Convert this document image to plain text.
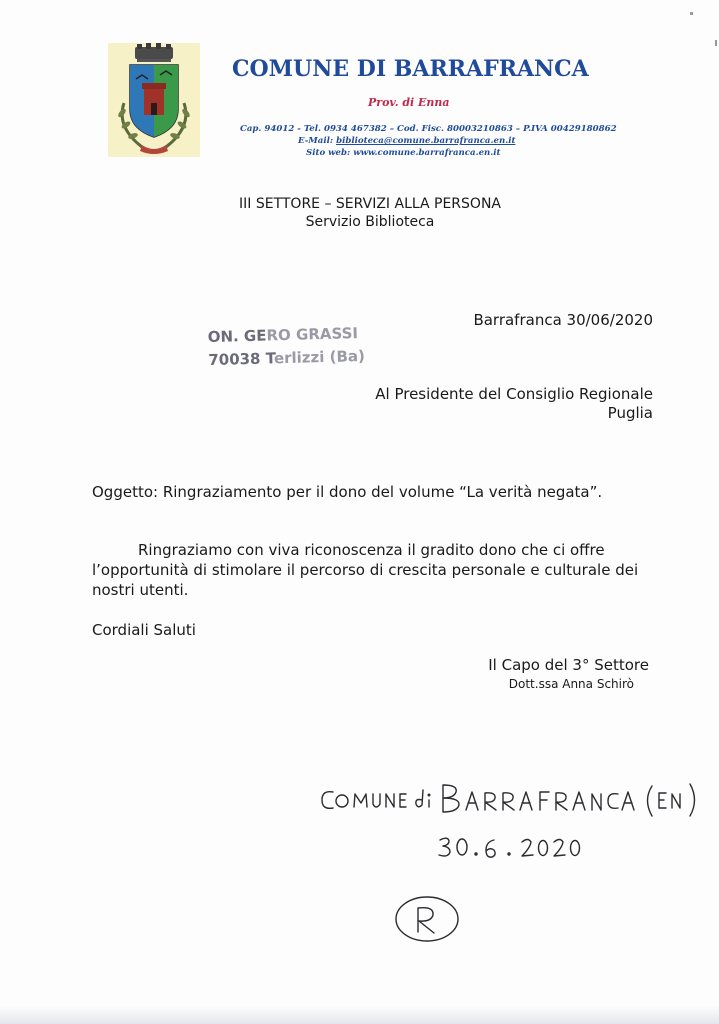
COMUNE DI BARRAFRANCA
Prov. di Enna
Cap. 94012 - Tel. 0934 467382 – Cod. Fisc. 80003210863 – P.IVA 00429180862
E-Mail: biblioteca@comune.barrafranca.en.it
Sito web: www.comune.barrafranca.en.it
III SETTORE – SERVIZI ALLA PERSONA
Servizio Biblioteca
Barrafranca 30/06/2020
ON. GERO GRASSI
70038 Terlizzi (Ba)
Al Presidente del Consiglio Regionale
Puglia
Oggetto: Ringraziamento per il dono del volume “La verità negata”.
Ringraziamo con viva riconoscenza il gradito dono che ci offre l’opportunità di stimolare il percorso di crescita personale e culturale dei nostri utenti.
Cordiali Saluti
Il Capo del 3° Settore
Dott.ssa Anna Schirò
